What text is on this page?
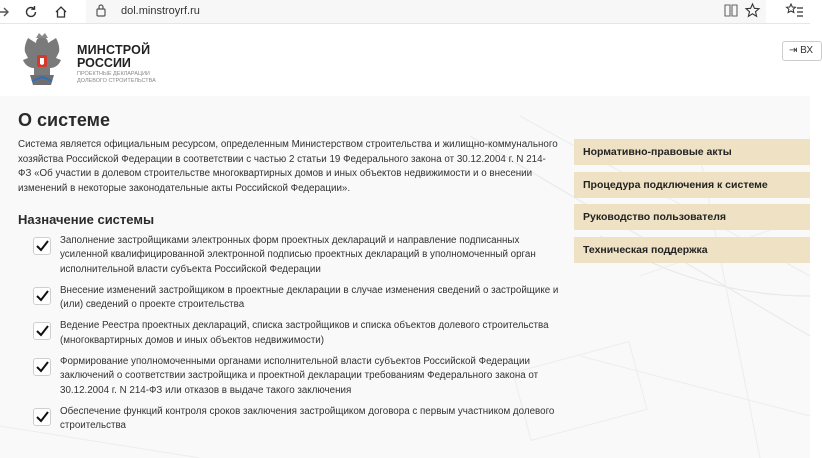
dol.minstroyrf.ru
МИНСТРОЙ
РОССИИ
ПРОЕКТНЫЕ ДЕКЛАРАЦИИ
ДОЛЕВОГО СТРОИТЕЛЬСТВА
⇥ ВХ
О системе

Система является официальным ресурсом, определенным Министерством строительства и жилищно-коммунального хозяйства Российской Федерации в соответствии с частью 2 статьи 19 Федерального закона от 30.12.2004 г. N 214-ФЗ «Об участии в долевом строительстве многоквартирных домов и иных объектов недвижимости и о внесении изменений в некоторые законодательные акты Российской Федерации».

Назначение системы
Заполнение застройщиками электронных форм проектных деклараций и направление подписанных усиленной квалифицированной электронной подписью проектных деклараций в уполномоченный орган исполнительной власти субъекта Российской Федерации
Внесение изменений застройщиком в проектные декларации в случае изменения сведений о застройщике и (или) сведений о проекте строительства
Ведение Реестра проектных деклараций, списка застройщиков и списка объектов долевого строительства (многоквартирных домов и иных объектов недвижимости)
Формирование уполномоченными органами исполнительной власти субъектов Российской Федерации заключений о соответствии застройщика и проектной декларации требованиям Федерального закона от 30.12.2004 г. N 214-ФЗ или отказов в выдаче такого заключения
Обеспечение функций контроля сроков заключения застройщиком договора с первым участником долевого строительства
Нормативно-правовые акты
Процедура подключения к системе
Руководство пользователя
Техническая поддержка
